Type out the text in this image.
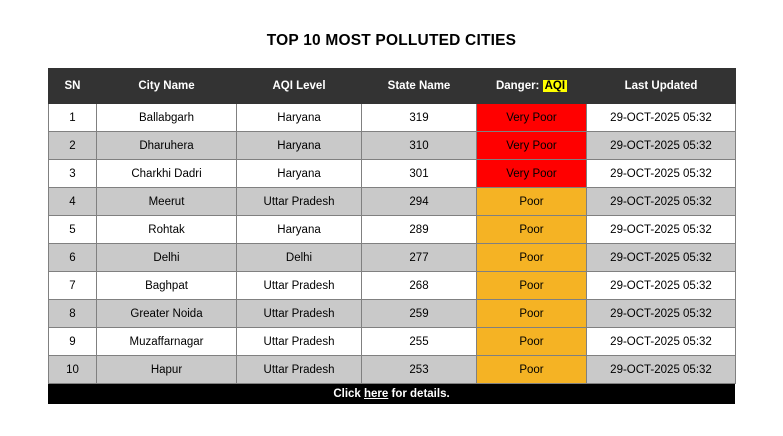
TOP 10 MOST POLLUTED CITIES
SN	City Name	AQI Level	State Name	Danger: AQI	Last Updated
1	Ballabgarh	Haryana	319	Very Poor	29-OCT-2025 05:32
2	Dharuhera	Haryana	310	Very Poor	29-OCT-2025 05:32
3	Charkhi Dadri	Haryana	301	Very Poor	29-OCT-2025 05:32
4	Meerut	Uttar Pradesh	294	Poor	29-OCT-2025 05:32
5	Rohtak	Haryana	289	Poor	29-OCT-2025 05:32
6	Delhi	Delhi	277	Poor	29-OCT-2025 05:32
7	Baghpat	Uttar Pradesh	268	Poor	29-OCT-2025 05:32
8	Greater Noida	Uttar Pradesh	259	Poor	29-OCT-2025 05:32
9	Muzaffarnagar	Uttar Pradesh	255	Poor	29-OCT-2025 05:32
10	Hapur	Uttar Pradesh	253	Poor	29-OCT-2025 05:32
Click here for details.
